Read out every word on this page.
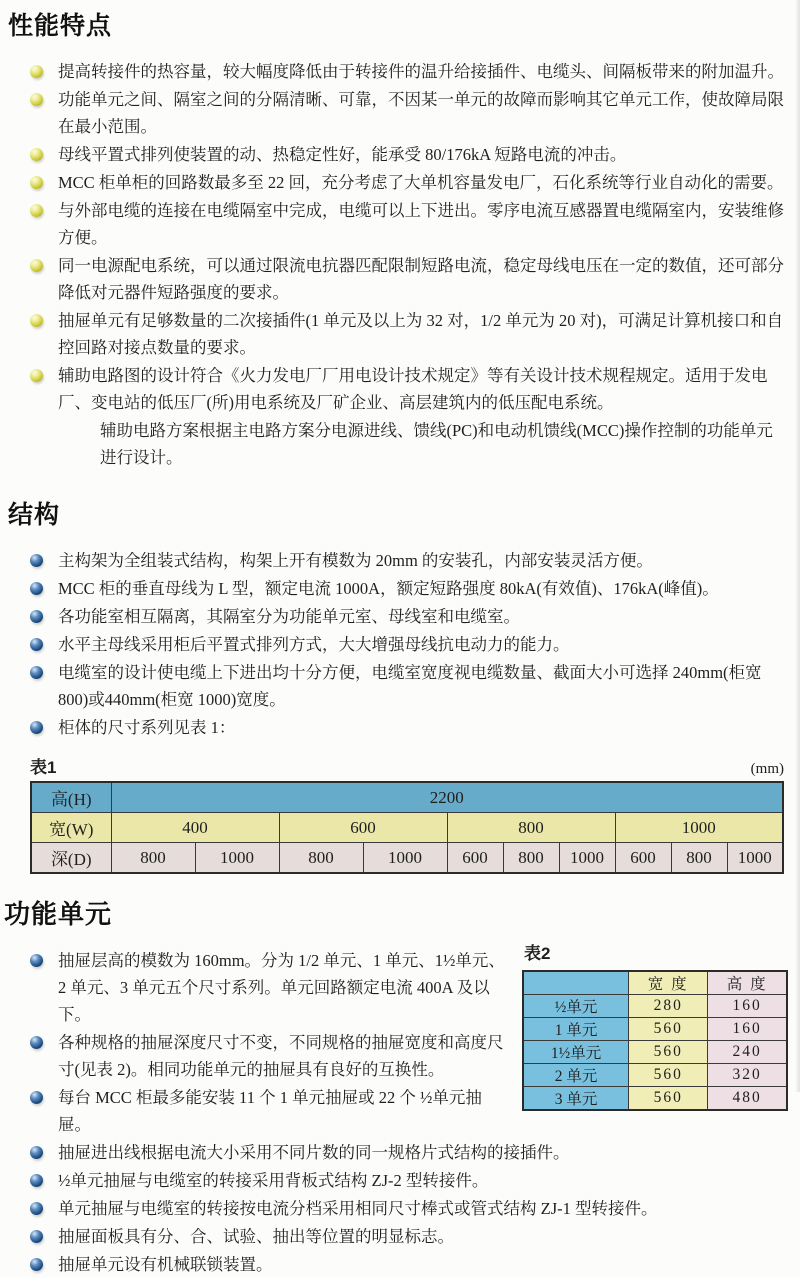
性能特点
提高转接件的热容量，较大幅度降低由于转接件的温升给接插件、电缆头、间隔板带来的附加温升。
功能单元之间、隔室之间的分隔清晰、可靠，不因某一单元的故障而影响其它单元工作，使故障局限在最小范围。
母线平置式排列使装置的动、热稳定性好，能承受 80/176kA 短路电流的冲击。
MCC 柜单柜的回路数最多至 22 回，充分考虑了大单机容量发电厂，石化系统等行业自动化的需要。
与外部电缆的连接在电缆隔室中完成，电缆可以上下进出。零序电流互感器置电缆隔室内，安装维修方便。
同一电源配电系统，可以通过限流电抗器匹配限制短路电流，稳定母线电压在一定的数值，还可部分降低对元器件短路强度的要求。
抽屉单元有足够数量的二次接插件(1 单元及以上为 32 对，1/2 单元为 20 对)，可满足计算机接口和自控回路对接点数量的要求。
辅助电路图的设计符合《火力发电厂厂用电设计技术规定》等有关设计技术规程规定。适用于发电厂、变电站的低压厂(所)用电系统及厂矿企业、高层建筑内的低压配电系统。

辅助电路方案根据主电路方案分电源进线、馈线(PC)和电动机馈线(MCC)操作控制的功能单元进行设计。

结构
主构架为全组装式结构，构架上开有模数为 20mm 的安装孔，内部安装灵活方便。
MCC 柜的垂直母线为 L 型，额定电流 1000A，额定短路强度 80kA(有效值)、176kA(峰值)。
各功能室相互隔离，其隔室分为功能单元室、母线室和电缆室。
水平主母线采用柜后平置式排列方式，大大增强母线抗电动力的能力。
电缆室的设计使电缆上下进出均十分方便，电缆室宽度视电缆数量、截面大小可选择 240mm(柜宽 800)或440mm(柜宽 1000)宽度。
柜体的尺寸系列见表 1：
表1	(mm)
高(H)	2200									
宽(W)	400		600		800			1000		
深(D)	800	1000	800	1000	600	800	1000	600	800	1000
功能单元
表2
	宽 度	高 度
½单元	280	160
1 单元	560	160
1½单元	560	240
2 单元	560	320
3 单元	560	480
抽屉层高的模数为 160mm。分为 1/2 单元、1 单元、1½单元、2 单元、3 单元五个尺寸系列。单元回路额定电流 400A 及以下。
各种规格的抽屉深度尺寸不变，不同规格的抽屉宽度和高度尺寸(见表 2)。相同功能单元的抽屉具有良好的互换性。
每台 MCC 柜最多能安装 11 个 1 单元抽屉或 22 个 ½单元抽屉。
抽屉进出线根据电流大小采用不同片数的同一规格片式结构的接插件。
½单元抽屉与电缆室的转接采用背板式结构 ZJ-2 型转接件。
单元抽屉与电缆室的转接按电流分档采用相同尺寸棒式或管式结构 ZJ-1 型转接件。
抽屉面板具有分、合、试验、抽出等位置的明显标志。
抽屉单元设有机械联锁装置。
